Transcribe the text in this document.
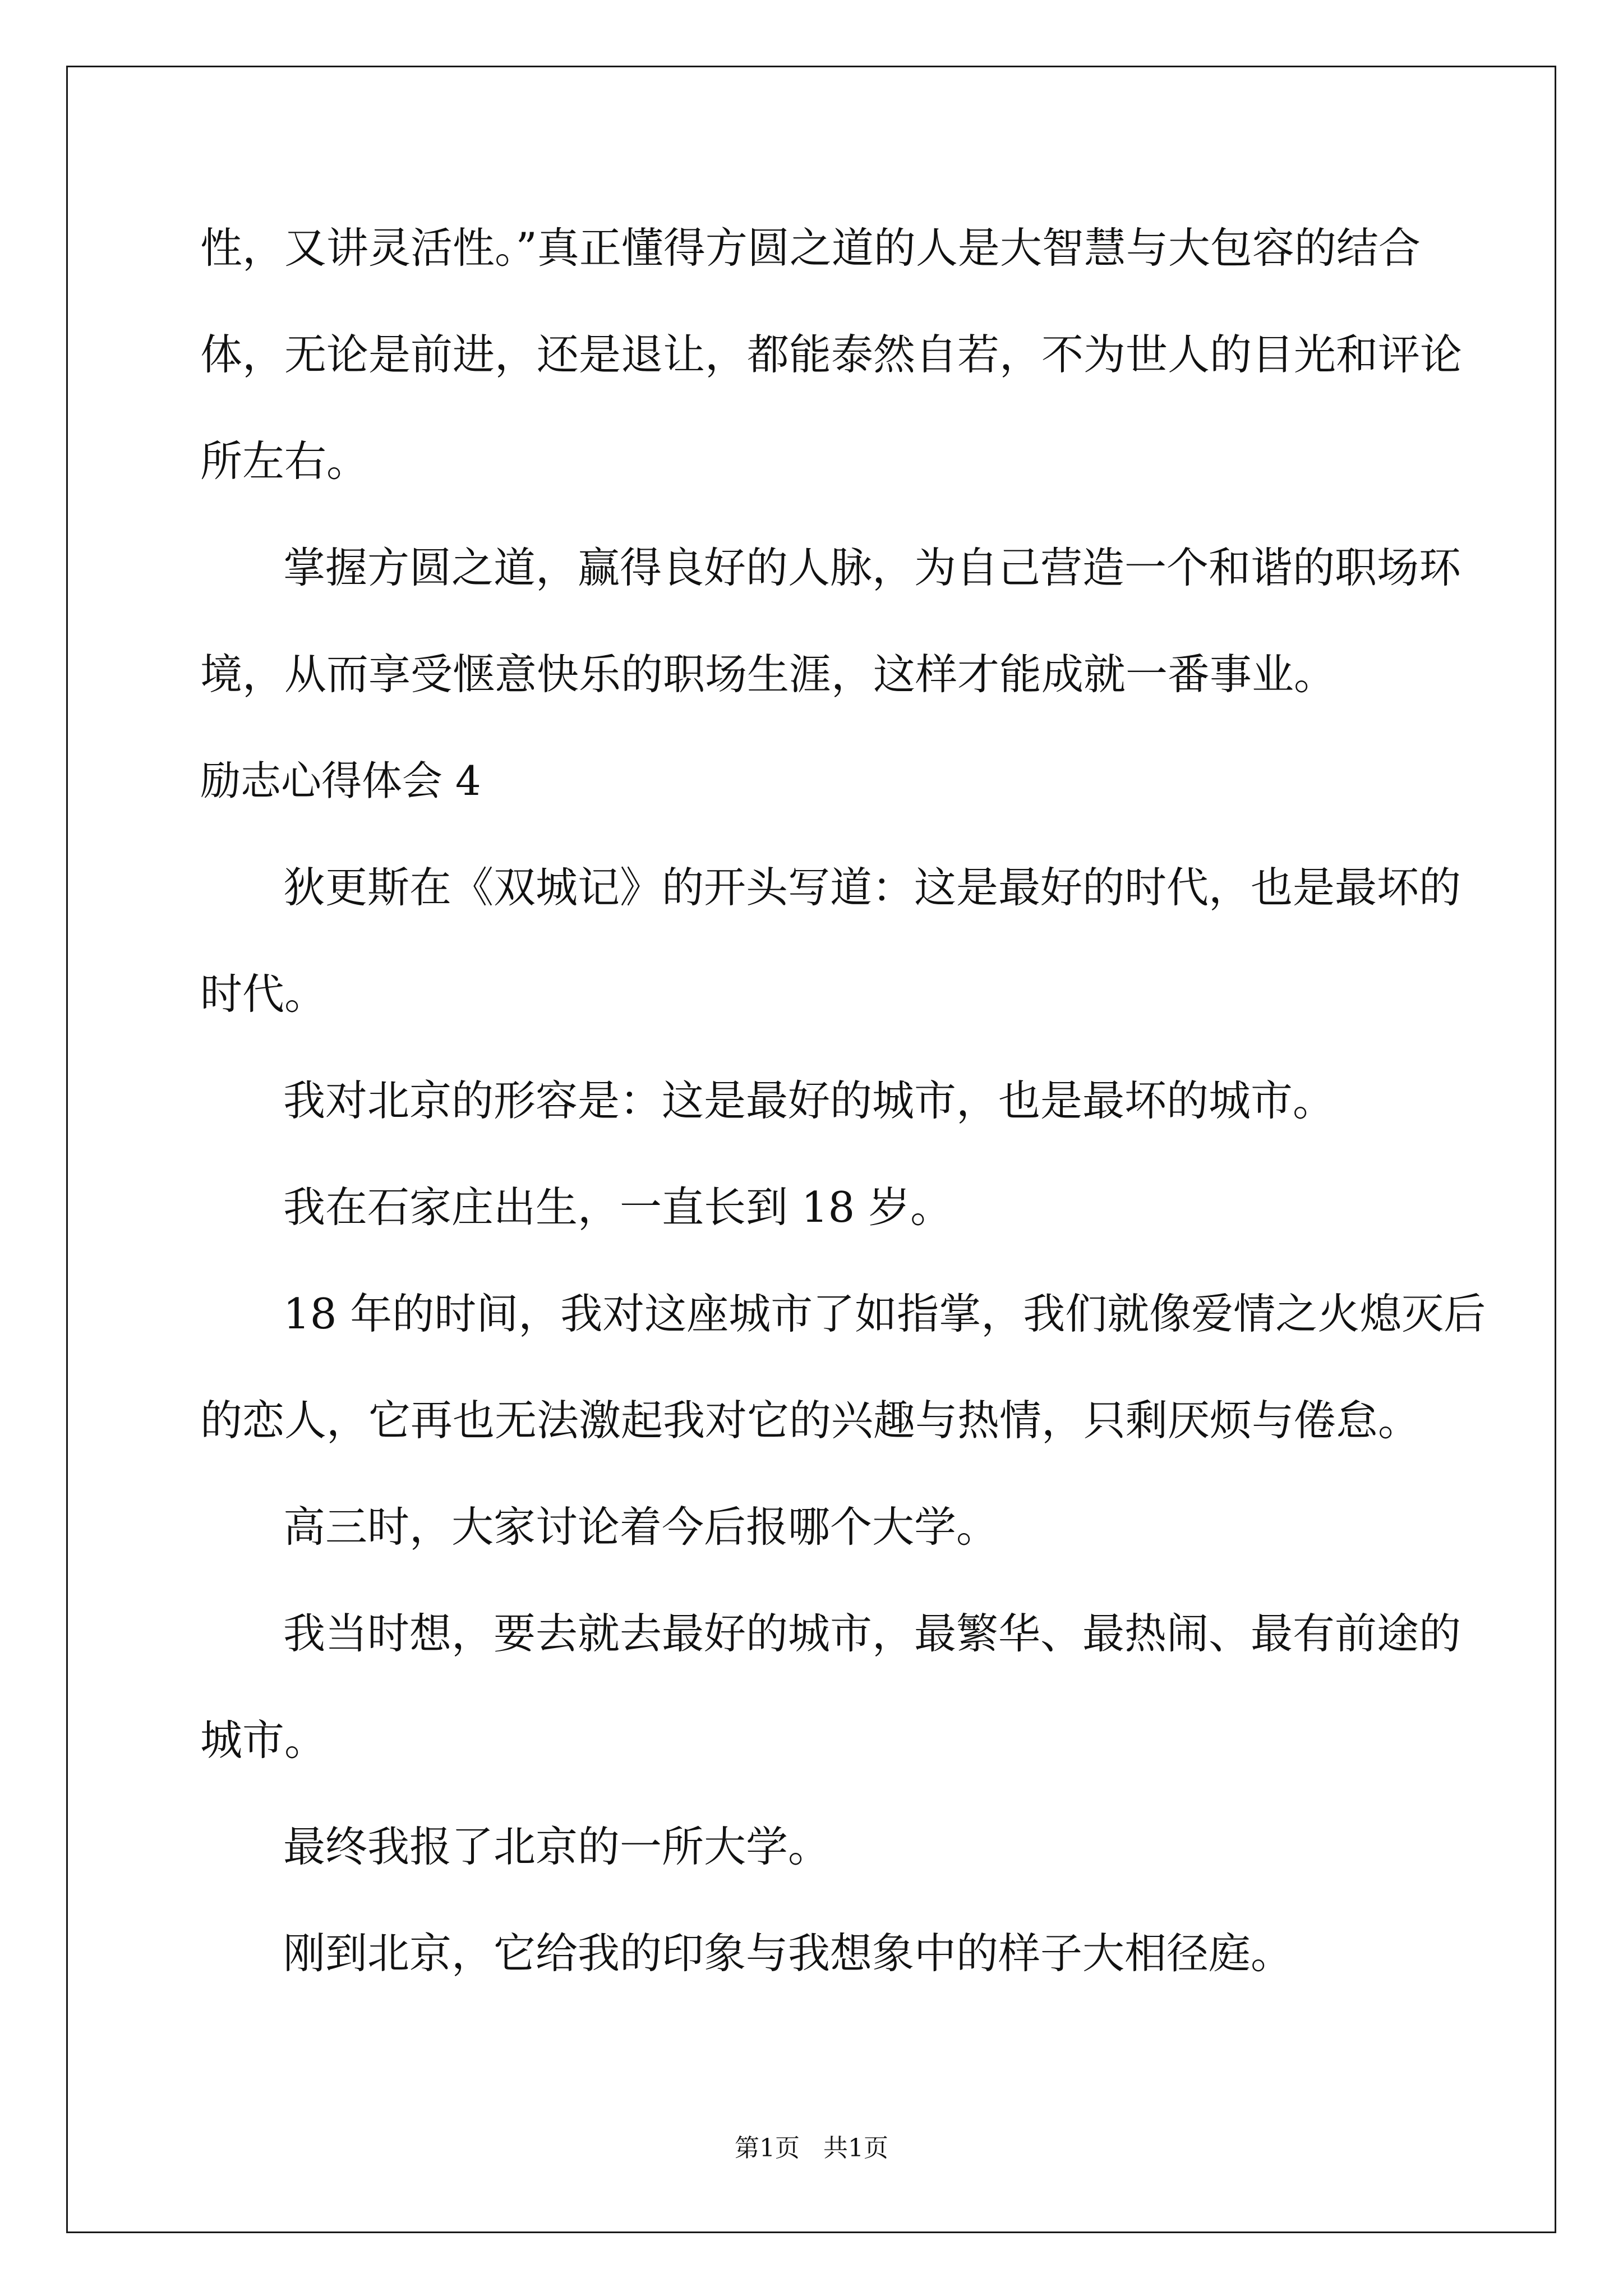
性，又讲灵活性。”真正懂得方圆之道的人是大智慧与大包容的结合
体，无论是前进，还是退让，都能泰然自若，不为世人的目光和评论
所左右。
掌握方圆之道，赢得良好的人脉，为自己营造一个和谐的职场环
境，从而享受惬意快乐的职场生涯，这样才能成就一番事业。
励志心得体会 4
狄更斯在《双城记》的开头写道：这是最好的时代，也是最坏的
时代。
我对北京的形容是：这是最好的城市，也是最坏的城市。
我在石家庄出生，一直长到 18 岁。
18 年的时间，我对这座城市了如指掌，我们就像爱情之火熄灭后
的恋人，它再也无法激起我对它的兴趣与热情，只剩厌烦与倦怠。
高三时，大家讨论着今后报哪个大学。
我当时想，要去就去最好的城市，最繁华、最热闹、最有前途的
城市。
最终我报了北京的一所大学。
刚到北京，它给我的印象与我想象中的样子大相径庭。
第1页   共1页
